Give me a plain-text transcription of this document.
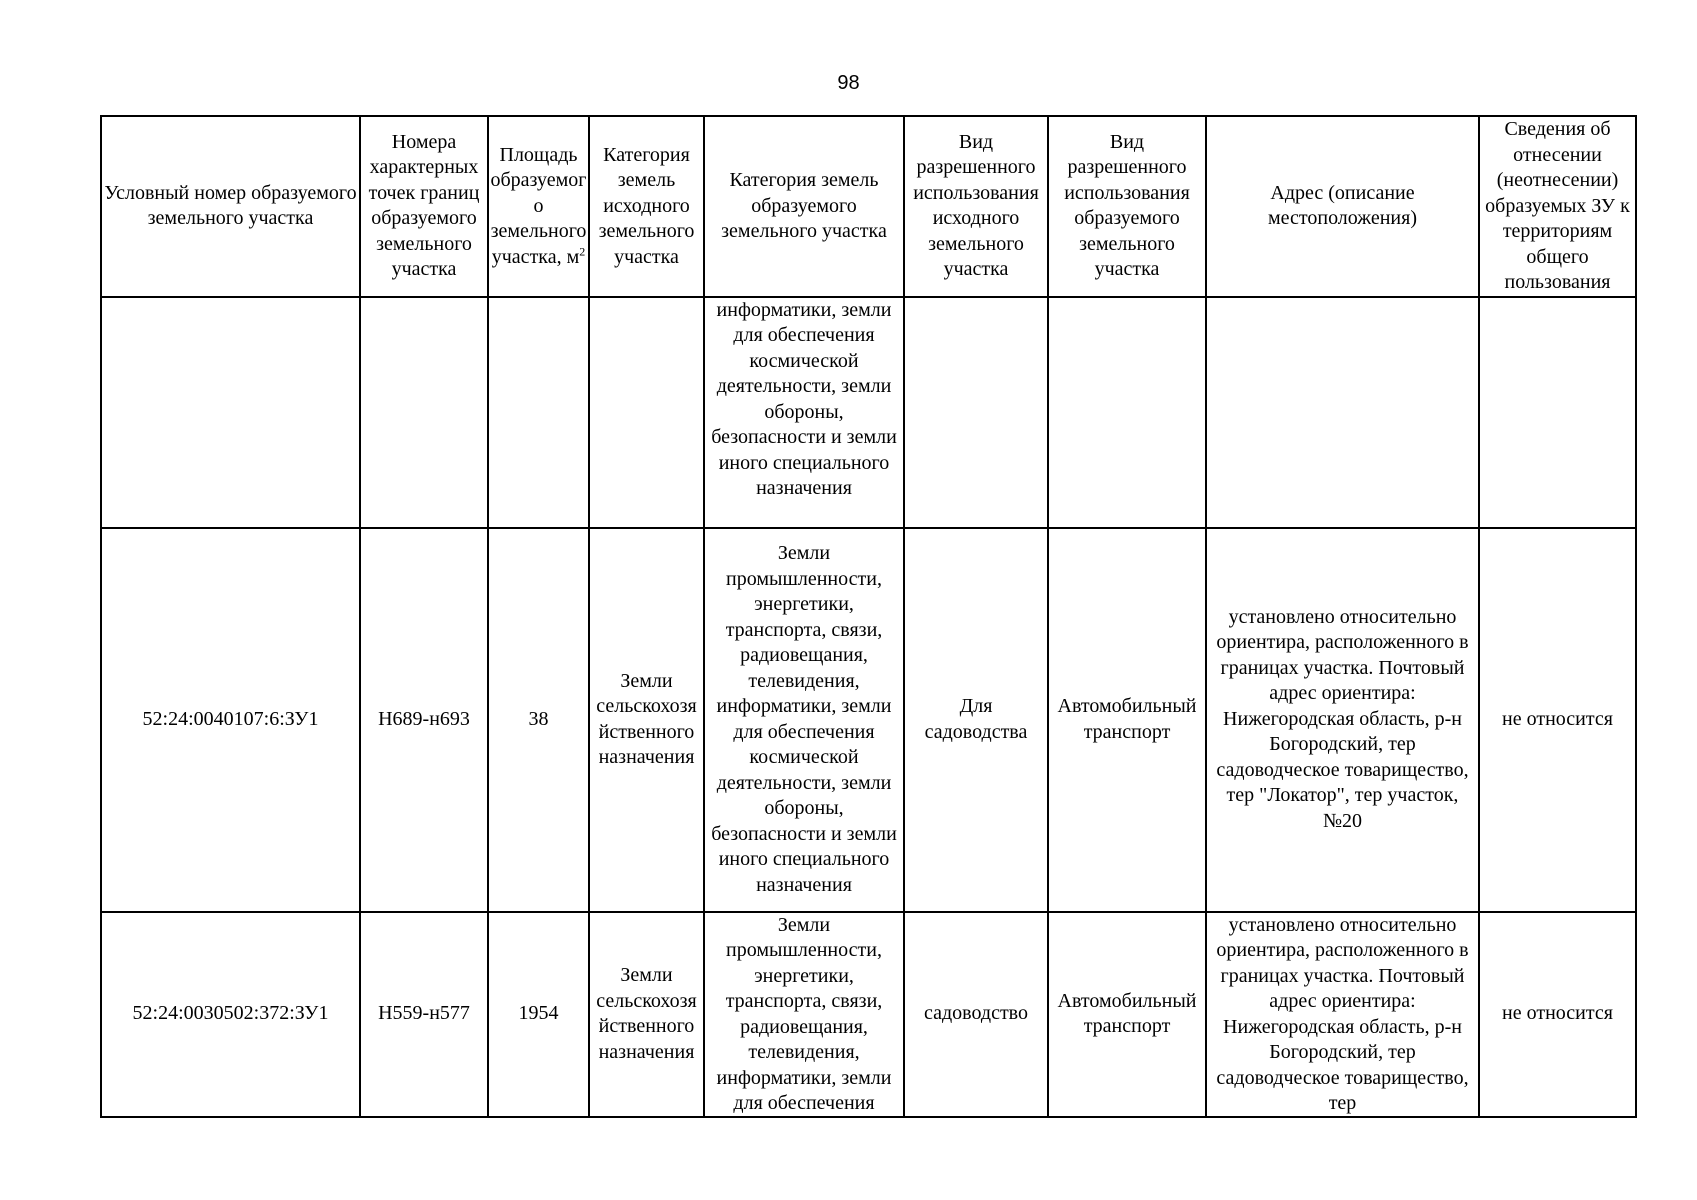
98
Условный номер образуемого земельного участка	Номера характерных точек границ образуемого земельного участка	Площадь образуемого земельного участка, $м^2$	Категория земель исходного земельного участка	Категория земель образуемого земельного участка	Вид разрешенного использования исходного земельного участка	Вид разрешенного использования образуемого земельного участка	Адрес (описание местоположения)	Сведения об отнесении (неотнесении) образуемых ЗУ к территориям общего пользования
				информатики, земли для обеспечения космической деятельности, земли обороны, безопасности и земли иного специального назначения				
52:24:0040107:6:ЗУ1	Н689-н693	38	Земли сельскохозяйственного назначения	Земли промышленности, энергетики, транспорта, связи, радиовещания, телевидения, информатики, земли для обеспечения космической деятельности, земли обороны, безопасности и земли иного специального назначения	Для садоводства	Автомобильный транспорт	установлено относительно ориентира, расположенного в границах участка. Почтовый адрес ориентира: Нижегородская область, р-н Богородский, тер садоводческое товарищество, тер "Локатор", тер участок, №20	не относится
52:24:0030502:372:ЗУ1	Н559-н577	1954	Земли сельскохозяйственного назначения	Земли промышленности, энергетики, транспорта, связи, радиовещания, телевидения, информатики, земли для обеспечения	садоводство	Автомобильный транспорт	установлено относительно ориентира, расположенного в границах участка. Почтовый адрес ориентира: Нижегородская область, р-н Богородский, тер садоводческое товарищество, тер	не относится
